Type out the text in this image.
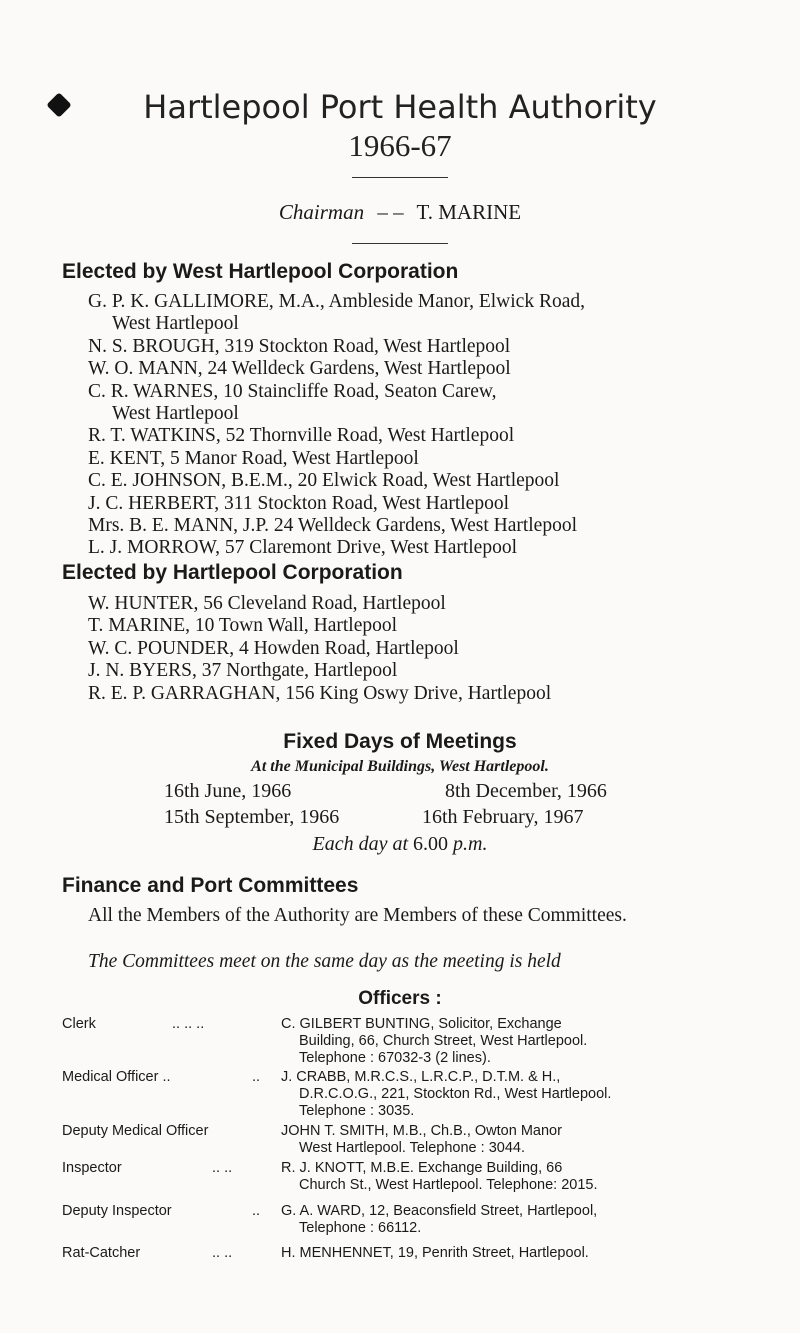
Hartlepool Port Health Authority
1966-67
Chairman – – T. MARINE
Elected by West Hartlepool Corporation
G. P. K. GALLIMORE, M.A., Ambleside Manor, Elwick Road,
West Hartlepool
N. S. BROUGH, 319 Stockton Road, West Hartlepool
W. O. MANN, 24 Welldeck Gardens, West Hartlepool
C. R. WARNES, 10 Staincliffe Road, Seaton Carew,
West Hartlepool
R. T. WATKINS, 52 Thornville Road, West Hartlepool
E. KENT, 5 Manor Road, West Hartlepool
C. E. JOHNSON, B.E.M., 20 Elwick Road, West Hartlepool
J. C. HERBERT, 311 Stockton Road, West Hartlepool
Mrs. B. E. MANN, J.P. 24 Welldeck Gardens, West Hartlepool
L. J. MORROW, 57 Claremont Drive, West Hartlepool
Elected by Hartlepool Corporation
W. HUNTER, 56 Cleveland Road, Hartlepool
T. MARINE, 10 Town Wall, Hartlepool
W. C. POUNDER, 4 Howden Road, Hartlepool
J. N. BYERS, 37 Northgate, Hartlepool
R. E. P. GARRAGHAN, 156 King Oswy Drive, Hartlepool
Fixed Days of Meetings
At the Municipal Buildings, West Hartlepool.
16th June, 1966	8th December, 1966
15th September, 1966	16th February, 1967
Each day at 6.00 p.m.
Finance and Port Committees

All the Members of the Authority are Members of these Committees.

The Committees meet on the same day as the meeting is held

Officers :
Clerk	.. .. ..	C. GILBERT BUNTING, Solicitor, Exchange
Building, 66, Church Street, West Hartlepool.
Telephone : 67032-3 (2 lines).
Medical Officer ..	.. J. CRABB, M.R.C.S., L.R.C.P., D.T.M. & H.,
D.R.C.O.G., 221, Stockton Rd., West Hartlepool.
Telephone : 3035.
Deputy Medical Officer	JOHN T. SMITH, M.B., Ch.B., Owton Manor
West Hartlepool. Telephone : 3044.
Inspector	.. ..	R. J. KNOTT, M.B.E. Exchange Building, 66
Church St., West Hartlepool. Telephone: 2015.
Deputy Inspector	.. G. A. WARD, 12, Beaconsfield Street, Hartlepool,
Telephone : 66112.
Rat-Catcher	.. ..	H. MENHENNET, 19, Penrith Street, Hartlepool.
